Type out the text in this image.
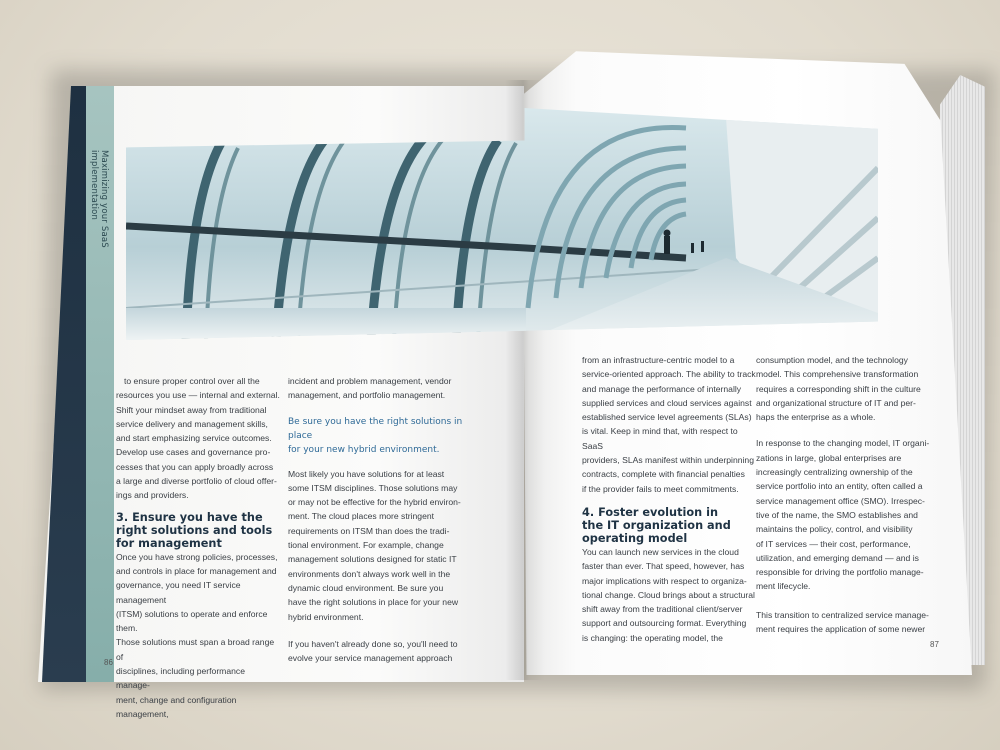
Maximizing your SaaS implementation

to ensure proper control over all the

resources you use — internal and external.

Shift your mindset away from traditional

service delivery and management skills,

and start emphasizing service outcomes.

Develop use cases and governance pro-

cesses that you can apply broadly across

a large and diverse portfolio of cloud offer-

ings and providers.

3. Ensure you have the

right solutions and tools

for management

Once you have strong policies, processes,

and controls in place for management and

governance, you need IT service management

(ITSM) solutions to operate and enforce them.

Those solutions must span a broad range of

disciplines, including performance manage-

ment, change and configuration management,

incident and problem management, vendor

management, and portfolio management.

Be sure you have the right solutions in place

for your new hybrid environment.

Most likely you have solutions for at least

some ITSM disciplines. Those solutions may

or may not be effective for the hybrid environ-

ment. The cloud places more stringent

requirements on ITSM than does the tradi-

tional environment. For example, change

management solutions designed for static IT

environments don't always work well in the

dynamic cloud environment. Be sure you

have the right solutions in place for your new

hybrid environment.

If you haven't already done so, you'll need to

evolve your service management approach

from an infrastructure-centric model to a

service-oriented approach. The ability to track

and manage the performance of internally

supplied services and cloud services against

established service level agreements (SLAs)

is vital. Keep in mind that, with respect to SaaS

providers, SLAs manifest within underpinning

contracts, complete with financial penalties

if the provider fails to meet commitments.

4. Foster evolution in

the IT organization and

operating model

You can launch new services in the cloud

faster than ever. That speed, however, has

major implications with respect to organiza-

tional change. Cloud brings about a structural

shift away from the traditional client/server

support and outsourcing format. Everything

is changing: the operating model, the

consumption model, and the technology

model. This comprehensive transformation

requires a corresponding shift in the culture

and organizational structure of IT and per-

haps the enterprise as a whole.

In response to the changing model, IT organi-

zations in large, global enterprises are

increasingly centralizing ownership of the

service portfolio into an entity, often called a

service management office (SMO). Irrespec-

tive of the name, the SMO establishes and

maintains the policy, control, and visibility

of IT services — their cost, performance,

utilization, and emerging demand — and is

responsible for driving the portfolio manage-

ment lifecycle.

This transition to centralized service manage-

ment requires the application of some newer

86
87
